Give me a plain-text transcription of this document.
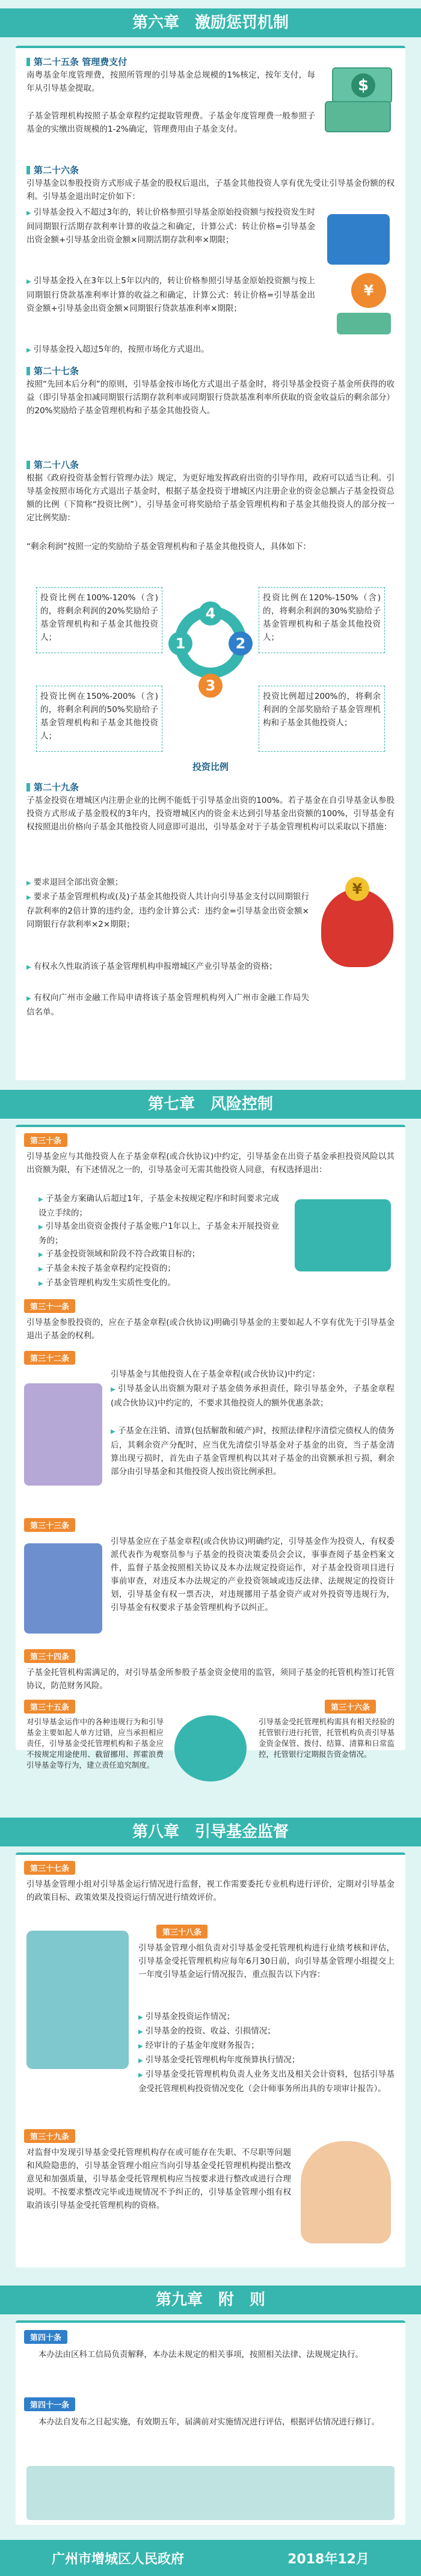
第六章　激励惩罚机制
第二十五条 管理费支付

南粤基金年度管理费，按照所管理的引导基金总规模的1%核定，按年支付，每年从引导基金提取。

子基金管理机构按照子基金章程约定提取管理费。子基金年度管理费一般参照子基金的实缴出资规模的1-2%确定，管理费用由子基金支付。

$
第二十六条

引导基金以参股投资方式形成子基金的股权后退出，子基金其他投资人享有优先受让引导基金份额的权利。引导基金退出时定价如下：

▶ 引导基金投入不超过3年的，转让价格参照引导基金原始投资额与按投资发生时间同期银行活期存款利率计算的收益之和确定，计算公式：转让价格=引导基金出资金额+引导基金出资金额×同期活期存款利率×期限；

▶ 引导基金投入在3年以上5年以内的，转让价格参照引导基金原始投资额与按上同期银行贷款基准利率计算的收益之和确定，计算公式：转让价格=引导基金出资金额+引导基金出资金额×同期银行贷款基准利率×期限；

▶ 引导基金投入超过5年的，按照市场化方式退出。

¥
第二十七条

按照“先回本后分利”的原则，引导基金按市场化方式退出子基金时，将引导基金投资子基金所获得的收益（即引导基金扣减同期银行活期存款利率或同期银行贷款基准利率所获取的资金收益后的剩余部分）的20%奖励给子基金管理机构和子基金其他投资人。

第二十八条

根据《政府投资基金暂行管理办法》规定，为更好地发挥政府出资的引导作用，政府可以适当让利。引导基金按照市场化方式退出子基金时，根据子基金投资于增城区内注册企业的资金总额占子基金投资总额的比例（下简称“投资比例”），引导基金可将奖励给子基金管理机构和子基金其他投资人的部分按一定比例奖励：

“剩余利润”按照一定的奖励给子基金管理机构和子基金其他投资人，具体如下：

1	2
3
4

投资比例在100%-120%（含)的，将剩余利润的20%奖励给子基金管理机构和子基金其他投资人；

投资比例在120%-150%（含)的，将剩余利润的30%奖励给子基金管理机构和子基金其他投资人；

投资比例在150%-200%（含)的，将剩余利润的50%奖励给子基金管理机构和子基金其他投资人；

投资比例超过200%的，将剩余利润的全部奖励给子基金管理机构和子基金其他投资人；

投资比例
第二十九条

子基金投资在增城区内注册企业的比例不能低于引导基金出资的100%。若子基金在自引导基金认参股投资方式形成子基金股权的3年内，投资增城区内的资金未达到引导基金出资额的100%，引导基金有权按照退出价格向子基金其他投资人同意即可退出，引导基金对于子基金管理机构可以采取以下措施：

▶ 要求退回全部出资金额；

▶ 要求子基金管理机构或(及)子基金其他投资人共计向引导基金支付以同期银行存款利率的2倍计算的违约金，违约金计算公式：违约金=引导基金出资金额×同期银行存款利率×2×期限；

▶ 有权永久性取消该子基金管理机构申报增城区产业引导基金的资格；

▶ 有权向广州市金融工作局申请将该子基金管理机构列入广州市金融工作局失信名单。

¥
第七章　风险控制
第三十条

引导基金应与其他投资人在子基金章程(或合伙协议)中约定，引导基金在出资子基金承担投资风险以其出资额为限，有下述情况之一的，引导基金可无需其他投资人同意，有权选择退出：

▶ 子基金方案确认后超过1年，子基金未按规定程序和时间要求完成设立手续的；

▶ 引导基金出资资金拨付子基金账户1年以上，子基金未开展投资业务的；

▶ 子基金投资领域和阶段不符合政策目标的；

▶ 子基金未按子基金章程约定投资的；

▶ 子基金管理机构发生实质性变化的。

第三十一条

引导基金参股投资的，应在子基金章程(或合伙协议)明确引导基金的主要如起人不享有优先于引导基金退出子基金的权利。

第三十二条

引导基金与其他投资人在子基金章程(或合伙协议)中约定：

▶ 引导基金认出资额为限对子基金债务承担责任，除引导基金外，子基金章程(或合伙协议)中约定的，不要求其他投资人的额外优惠条款；

▶ 子基金在注销、清算(包括解散和破产)时，按照法律程序清偿完债权人的债务后，其剩余资产分配时，应当优先清偿引导基金对子基金的出资，当子基金清算出现亏损时，首先由子基金管理机构以其对子基金的出资额承担亏损，剩余部分由引导基金和其他投资人按出资比例承担。

第三十三条

引导基金应在子基金章程(或合伙协议)明确约定，引导基金作为投资人，有权委派代表作为观察员参与子基金的投资决策委员会会议，事事查阅子基金档案文件，监督子基金按照相关协议及本办法规定投资运作，对子基金投资项目进行事前审查，对违反本办法规定的产业投资领域或违反法律、法规规定的投资计划，引导基金有权一票否决，对违规挪用子基金资产或对外投资等违规行为，引导基金有权要求子基金管理机构予以纠正。

第三十四条

子基金托管机构需满足的，对引导基金所参股子基金资金使用的监管，须同子基金的托管机构签订托管协议，防范财务风险。

第三十五条

对引导基金运作中的各种违规行为和引导基金主要如起人单方过错，应当承担相应责任，引导基金受托管理机构和子基金应不按规定用途使用、截留挪用、挥霍浪费引导基金等行为，建立责任追究制度。

第三十六条

引导基金受托管理机构需具有相关经验的托管银行进行托管，托管机构负责引导基金资金保管、拨付、结算、清算和日常监控，托管银行定期报告资金情况。

第八章　引导基金监督
第三十七条

引导基金管理小组对引导基金运行情况进行监督，视工作需要委托专业机构进行评价，定期对引导基金的政策目标、政策效果及投资运行情况进行绩效评价。

第三十八条

引导基金管理小组负责对引导基金受托管理机构进行业绩考核和评估，引导基金受托管理机构应每年6月30日前，向引导基金管理小组提交上一年度引导基金运行情况报告，重点报告以下内容：

▶ 引导基金投资运作情况；

▶ 引导基金的投资、收益、引损情况；

▶ 经审计的子基金年度财务报告；

▶ 引导基金受托管理机构年度预算执行情况；

▶ 引导基金受托管理机构负责人业务支出及相关会计资料，包括引导基金受托管理机构投资情况变化（会计师事务所出具的专项审计报告）。

第三十九条

对监督中发现引导基金受托管理机构存在或可能存在失职、不尽职等问题和风险隐患的，引导基金管理小组应当向引导基金受托管理机构提出整改意见和加强质量，引导基金受托管理机构应当按要求进行整改或进行合理说明。不按要求整改完毕或违规情况不予纠正的，引导基金管理小组有权取消该引导基金受托管理机构的资格。

第九章　附　则
第四十条

本办法由区科工信局负责解释，本办法未规定的相关事项，按照相关法律、法规规定执行。

第四十一条

本办法自发布之日起实施，有效期五年，届满前对实施情况进行评估，根据评估情况进行修订。

广州市增城区人民政府	2018年12月
